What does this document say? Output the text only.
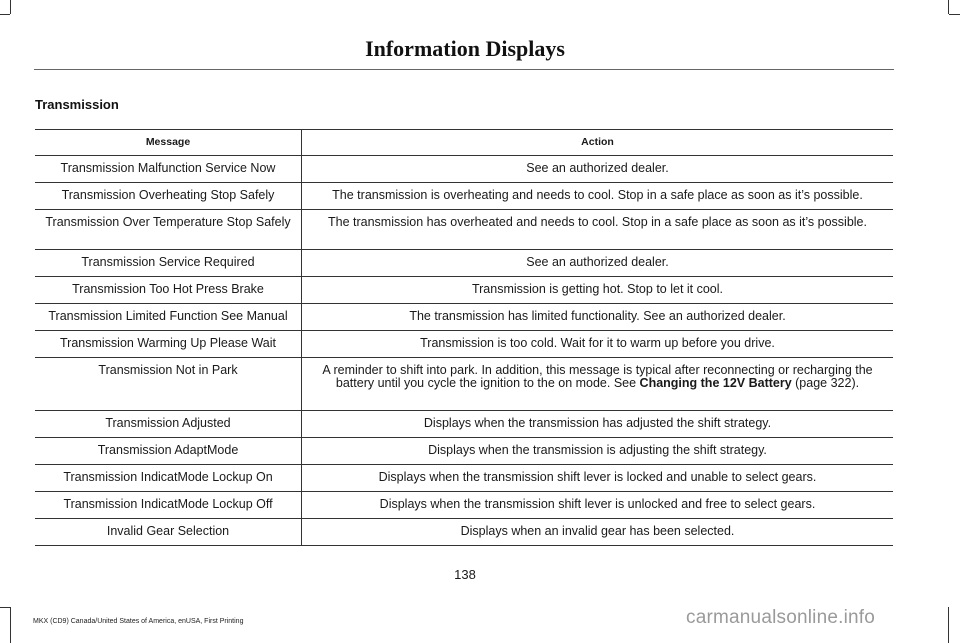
Information Displays
Transmission
Message	Action
Transmission Malfunction Service Now	See an authorized dealer.
Transmission Overheating Stop Safely	The transmission is overheating and needs to cool. Stop in a safe place as soon as it’s possible.
Transmission Over Temperature Stop Safely	The transmission has overheated and needs to cool. Stop in a safe place as soon as it’s possible.
Transmission Service Required	See an authorized dealer.
Transmission Too Hot Press Brake	Transmission is getting hot. Stop to let it cool.
Transmission Limited Function See Manual	The transmission has limited functionality. See an authorized dealer.
Transmission Warming Up Please Wait	Transmission is too cold. Wait for it to warm up before you drive.
Transmission Not in Park	A reminder to shift into park. In addition, this message is typical after reconnecting or recharging the battery until you cycle the ignition to the on mode. See Changing the 12V Battery (page 322).
Transmission Adjusted	Displays when the transmission has adjusted the shift strategy.
Transmission AdaptMode	Displays when the transmission is adjusting the shift strategy.
Transmission IndicatMode Lockup On	Displays when the transmission shift lever is locked and unable to select gears.
Transmission IndicatMode Lockup Off	Displays when the transmission shift lever is unlocked and free to select gears.
Invalid Gear Selection	Displays when an invalid gear has been selected.
138
MKX (CD9) Canada/United States of America, enUSA, First Printing	carmanualsonline.info
